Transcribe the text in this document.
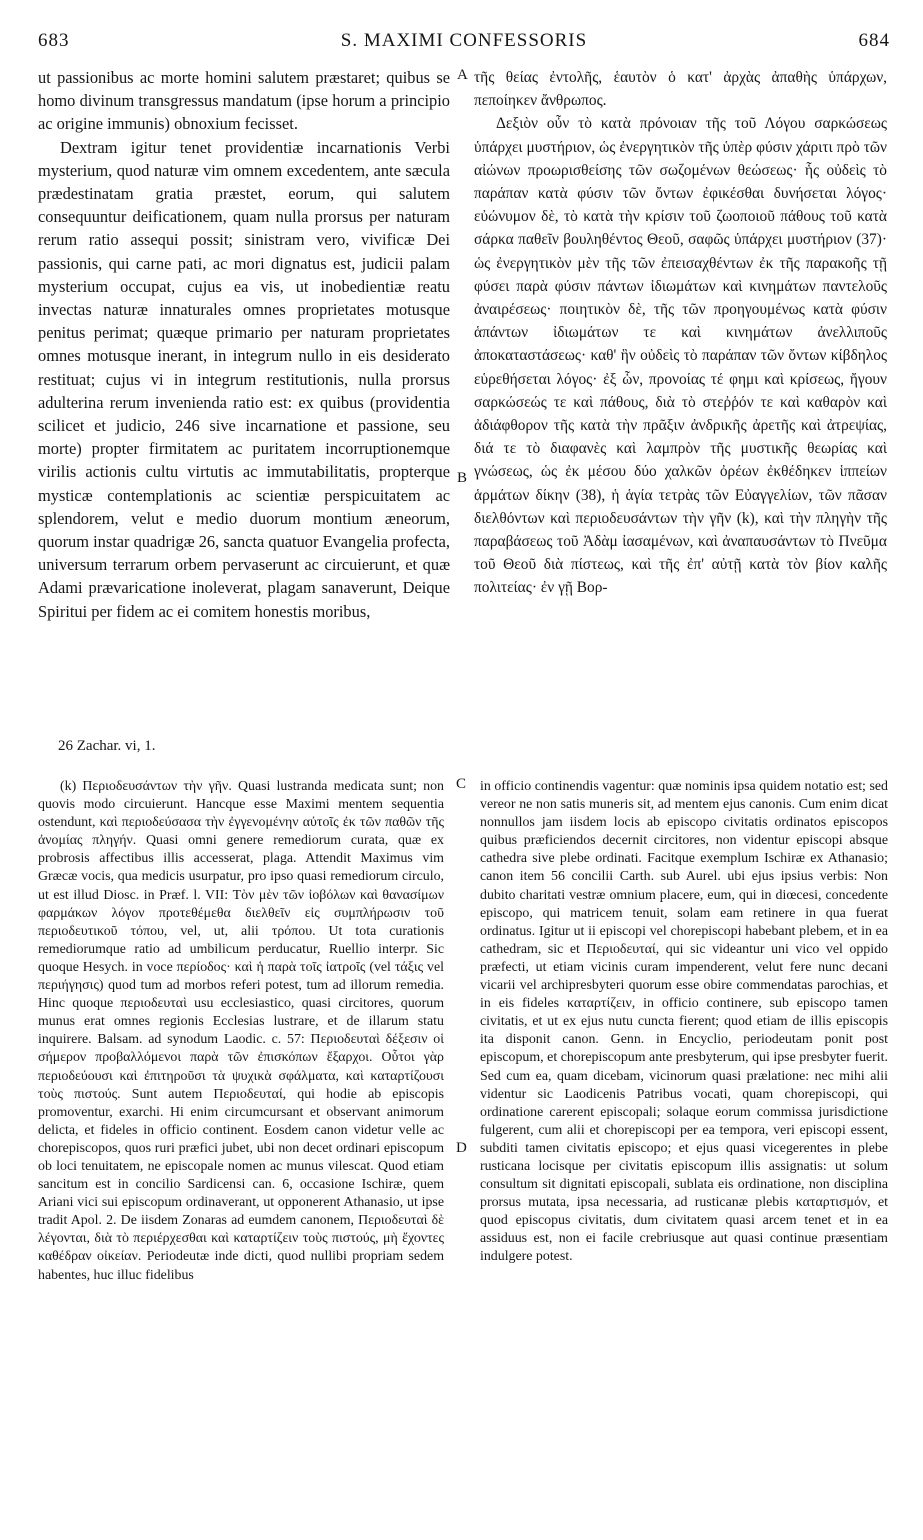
683	S. MAXIMI CONFESSORIS	684

ut passionibus ac morte homini salutem præstaret; quibus se homo divinum transgressus mandatum (ipse horum a principio ac origine immunis) obnoxium fecisset.

Dextram igitur tenet providentiæ incarnationis Verbi mysterium, quod naturæ vim omnem excedentem, ante sæcula prædestinatam gratia præstet, eorum, qui salutem consequuntur deificationem, quam nulla prorsus per naturam rerum ratio assequi possit; sinistram vero, vivificæ Dei passionis, qui carne pati, ac mori dignatus est, judicii palam mysterium occupat, cujus ea vis, ut inobedientiæ reatu invectas naturæ innaturales omnes proprietates motusque penitus perimat; quæque primario per naturam proprietates omnes motusque inerant, in integrum nullo in eis desiderato restituat; cujus vi in integrum restitutionis, nulla prorsus adulterina rerum invenienda ratio est: ex quibus (providentia scilicet et judicio, 246 sive incarnatione et passione, seu morte) propter firmitatem ac puritatem incorruptionemque virilis actionis cultu virtutis ac immutabilitatis, propterque mysticæ contemplationis ac scientiæ perspicuitatem ac splendorem, velut e medio duorum montium æneorum, quorum instar quadrigæ 26, sancta quatuor Evangelia profecta, universum terrarum orbem pervaserunt ac circuierunt, et quæ Adami prævaricatione inoleverat, plagam sanaverunt, Deique Spiritui per fidem ac ei comitem honestis moribus,

A
B
C
D

τῆς θείας ἐντολῆς, ἑαυτὸν ὁ κατ' ἀρχὰς ἀπαθὴς ὑπάρχων, πεποίηκεν ἄνθρωπος.

Δεξιὸν οὖν τὸ κατὰ πρόνοιαν τῆς τοῦ Λόγου σαρκώσεως ὑπάρχει μυστήριον, ὡς ἐνεργητικὸν τῆς ὑπὲρ φύσιν χάριτι πρὸ τῶν αἰώνων προωρισθείσης τῶν σωζομένων θεώσεως· ἧς οὐδεὶς τὸ παράπαν κατὰ φύσιν τῶν ὄντων ἐφικέσθαι δυνήσεται λόγος· εὐώνυμον δὲ, τὸ κατὰ τὴν κρίσιν τοῦ ζωοποιοῦ πάθους τοῦ κατὰ σάρκα παθεῖν βουληθέντος Θεοῦ, σαφῶς ὑπάρχει μυστήριον (37)· ὡς ἐνεργητικὸν μὲν τῆς τῶν ἐπεισαχθέντων ἐκ τῆς παρακοῆς τῇ φύσει παρὰ φύσιν πάντων ἰδιωμάτων καὶ κινημάτων παντελοῦς ἀναιρέσεως· ποιητικὸν δὲ, τῆς τῶν προηγουμένως κατὰ φύσιν ἁπάντων ἰδιωμάτων τε καὶ κινημάτων ἀνελλιποῦς ἀποκαταστάσεως· καθ' ἣν οὐδεὶς τὸ παράπαν τῶν ὄντων κίβδηλος εὑρεθήσεται λόγος· ἐξ ὧν, προνοίας τέ φημι καὶ κρίσεως, ἤγουν σαρκώσεώς τε καὶ πάθους, διὰ τὸ στεῤῥόν τε καὶ καθαρὸν καὶ ἀδιάφθορον τῆς κατὰ τὴν πρᾶξιν ἀνδρικῆς ἀρετῆς καὶ ἀτρεψίας, διά τε τὸ διαφανὲς καὶ λαμπρὸν τῆς μυστικῆς θεωρίας καὶ γνώσεως, ὡς ἐκ μέσου δύο χαλκῶν ὀρέων ἐκθέδηκεν ἱππείων ἁρμάτων δίκην (38), ἡ ἁγία τετρὰς τῶν Εὐαγγελίων, τῶν πᾶσαν διελθόντων καὶ περιοδευσάντων τὴν γῆν (k), καὶ τὴν πληγὴν τῆς παραβάσεως τοῦ Ἀδὰμ ἰασαμένων, καὶ ἀναπαυσάντων τὸ Πνεῦμα τοῦ Θεοῦ διὰ πίστεως, καὶ τῆς ἐπ' αὐτῇ κατὰ τὸν βίον καλῆς πολιτείας· ἐν γῇ Βορ-

26 Zachar. vi, 1.

(k) Περιοδευσάντων τὴν γῆν. Quasi lustranda medicata sunt; non quovis modo circuierunt. Hancque esse Maximi mentem sequentia ostendunt, καὶ περιοδεύσασα τὴν ἐγγενομένην αὐτοῖς ἐκ τῶν παθῶν τῆς ἀνομίας πληγήν. Quasi omni genere remediorum curata, quæ ex probrosis affectibus illis accesserat, plaga. Attendit Maximus vim Græcæ vocis, qua medicis usurpatur, pro ipso quasi remediorum circulo, ut est illud Diosc. in Præf. l. VII: Τὸν μὲν τῶν ἰοβόλων καὶ θανασίμων φαρμάκων λόγον προτεθέμεθα διελθεῖν εἰς συμπλήρωσιν τοῦ περιοδευτικοῦ τόπου, vel, ut, alii τρόπου. Ut tota curationis remediorumque ratio ad umbilicum perducatur, Ruellio interpr. Sic quoque Hesych. in voce περίοδος· καὶ ἡ παρὰ τοῖς ἰατροῖς (vel τάξις vel περιήγησις) quod tum ad morbos referi potest, tum ad illorum remedia. Hinc quoque περιοδευταὶ usu ecclesiastico, quasi circitores, quorum munus erat omnes regionis Ecclesias lustrare, et de illarum statu inquirere. Balsam. ad synodum Laodic. c. 57: Περιοδευταὶ δέξεσιν οἱ σήμερον προβαλλόμενοι παρὰ τῶν ἐπισκόπων ἔξαρχοι. Οὗτοι γὰρ περιοδεύουσι καὶ ἐπιτηροῦσι τὰ ψυχικὰ σφάλματα, καὶ καταρτίζουσι τοὺς πιστούς. Sunt autem Περιοδευταί, qui hodie ab episcopis promoventur, exarchi. Hi enim circumcursant et observant animorum delicta, et fideles in officio continent. Eosdem canon videtur velle ac chorepiscopos, quos ruri præfici jubet, ubi non decet ordinari episcopum ob loci tenuitatem, ne episcopale nomen ac munus vilescat. Quod etiam sancitum est in concilio Sardicensi can. 6, occasione Ischiræ, quem Ariani vici sui episcopum ordinaverant, ut opponerent Athanasio, ut ipse tradit Apol. 2. De iisdem Zonaras ad eumdem canonem, Περιοδευταὶ δὲ λέγονται, διὰ τὸ περιέρχεσθαι καὶ καταρτίζειν τοὺς πιστούς, μὴ ἔχοντες καθέδραν οἰκείαν. Periodeutæ inde dicti, quod nullibi propriam sedem habentes, huc illuc fidelibus

in officio continendis vagentur: quæ nominis ipsa quidem notatio est; sed vereor ne non satis muneris sit, ad mentem ejus canonis. Cum enim dicat nonnullos jam iisdem locis ab episcopo civitatis ordinatos episcopos quibus præficiendos decernit circitores, non videntur episcopi absque cathedra sive plebe ordinati. Facitque exemplum Ischiræ ex Athanasio; canon item 56 concilii Carth. sub Aurel. ubi ejus ipsius verbis: Non dubito charitati vestræ omnium placere, eum, qui in diœcesi, concedente episcopo, qui matricem tenuit, solam eam retinere in qua fuerat ordinatus. Igitur ut ii episcopi vel chorepiscopi habebant plebem, et in ea cathedram, sic et Περιοδευταί, qui sic videantur uni vico vel oppido præfecti, ut etiam vicinis curam impenderent, velut fere nunc decani vicarii vel archipresbyteri quorum esse obire commendatas parochias, et in eis fideles καταρτίζειν, in officio continere, sub episcopo tamen civitatis, et ut ex ejus nutu cuncta fierent; quod etiam de illis episcopis ita disponit canon. Genn. in Encyclio, periodeutam ponit post episcopum, et chorepiscopum ante presbyterum, qui ipse presbyter fuerit. Sed cum ea, quam dicebam, vicinorum quasi prælatione: nec mihi alii videntur sic Laodicenis Patribus vocati, quam chorepiscopi, qui ordinatione carerent episcopali; solaque eorum commissa jurisdictione fulgerent, cum alii et chorepiscopi per ea tempora, veri episcopi essent, subditi tamen civitatis episcopo; et ejus quasi vicegerentes in plebe rusticana locisque per civitatis episcopum illis assignatis: ut solum consultum sit dignitati episcopali, sublata eis ordinatione, non disciplina prorsus mutata, ipsa necessaria, ad rusticanæ plebis καταρτισμόν, et quod episcopus civitatis, dum civitatem quasi arcem tenet et in ea assiduus est, non ei facile crebriusque aut quasi continue præsentiam indulgere potest.
